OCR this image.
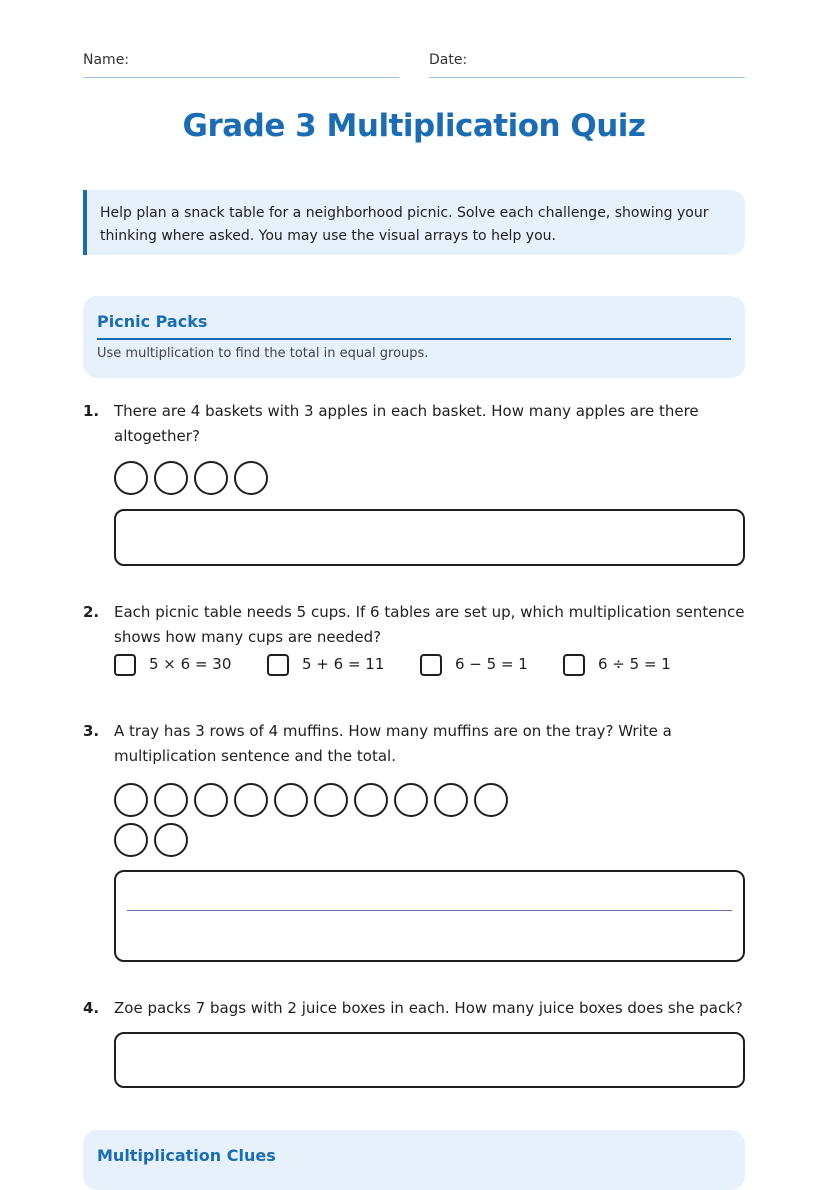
Name:	Date:
Grade 3 Multiplication Quiz
Help plan a snack table for a neighborhood picnic. Solve each challenge, showing your thinking where asked. You may use the visual arrays to help you.
Picnic Packs
Use multiplication to find the total in equal groups.
1. There are 4 baskets with 3 apples in each basket. How many apples are there altogether?
2. Each picnic table needs 5 cups. If 6 tables are set up, which multiplication sentence shows how many cups are needed?
5 × 6 = 30	5 + 6 = 11	6 − 5 = 1	6 ÷ 5 = 1
3. A tray has 3 rows of 4 muffins. How many muffins are on the tray? Write a multiplication sentence and the total.
4. Zoe packs 7 bags with 2 juice boxes in each. How many juice boxes does she pack?
Multiplication Clues
